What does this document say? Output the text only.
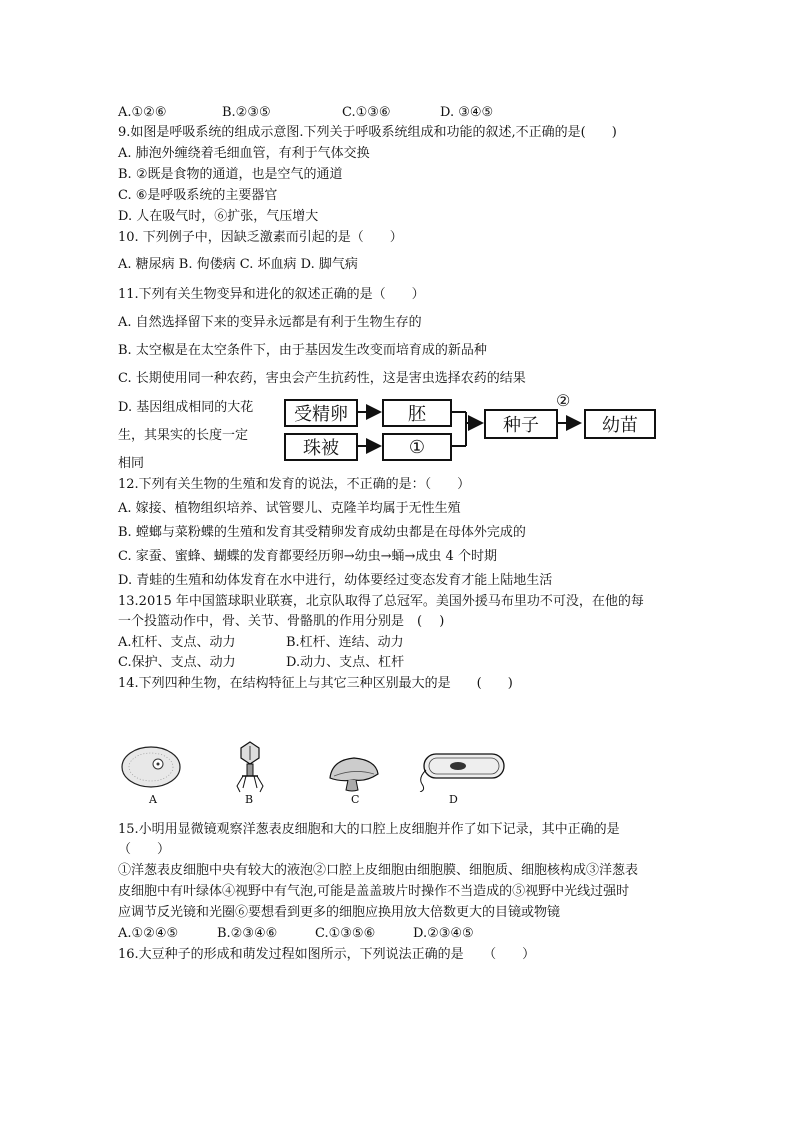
A.①②⑥	B.②③⑤	C.①③⑥	D. ③④⑤
9.如图是呼吸系统的组成示意图.下列关于呼吸系统组成和功能的叙述,不正确的是(　　)
A. 肺泡外缠绕着毛细血管，有利于气体交换
B. ②既是食物的通道，也是空气的通道
C. ⑥是呼吸系统的主要器官
D. 人在吸气时，⑥扩张，气压增大
10. 下列例子中，因缺乏激素而引起的是（　　）
A. 糖尿病 B. 佝偻病 C. 坏血病 D. 脚气病
11.下列有关生物变异和进化的叙述正确的是（　　）
A. 自然选择留下来的变异永远都是有利于生物生存的
B. 太空椒是在太空条件下，由于基因发生改变而培育成的新品种
C. 长期使用同一种农药，害虫会产生抗药性，这是害虫选择农药的结果
D. 基因组成相同的大花
生，其果实的长度一定
相同
受精卵	胚
珠被	①
种子
②
幼苗
12.下列有关生物的生殖和发育的说法，不正确的是：（　　）
A. 嫁接、植物组织培养、试管婴儿、克隆羊均属于无性生殖
B. 螳螂与菜粉蝶的生殖和发育其受精卵发育成幼虫都是在母体外完成的
C. 家蚕、蜜蜂、蝴蝶的发育都要经历卵→幼虫→蛹→成虫 4 个时期
D. 青蛙的生殖和幼体发育在水中进行，幼体要经过变态发育才能上陆地生活
13.2015 年中国篮球职业联赛，北京队取得了总冠军。美国外援马布里功不可没，在他的每
一个投篮动作中，骨、关节、骨骼肌的作用分别是　(　 )
A.杠杆、支点、动力	B.杠杆、连结、动力
C.保护、支点、动力	D.动力、支点、杠杆
14.下列四种生物，在结构特征上与其它三种区别最大的是　　(　　)
A	B	C	D
15.小明用显微镜观察洋葱表皮细胞和大的口腔上皮细胞并作了如下记录，其中正确的是
（　　）
①洋葱表皮细胞中央有较大的液泡②口腔上皮细胞由细胞膜、细胞质、细胞核构成③洋葱表
皮细胞中有叶绿体④视野中有气泡,可能是盖盖玻片时操作不当造成的⑤视野中光线过强时
应调节反光镜和光圈⑥要想看到更多的细胞应换用放大倍数更大的目镜或物镜
A.①②④⑤	B.②③④⑥	C.①③⑤⑥	D.②③④⑤
16.大豆种子的形成和萌发过程如图所示，下列说法正确的是　　（　　）
